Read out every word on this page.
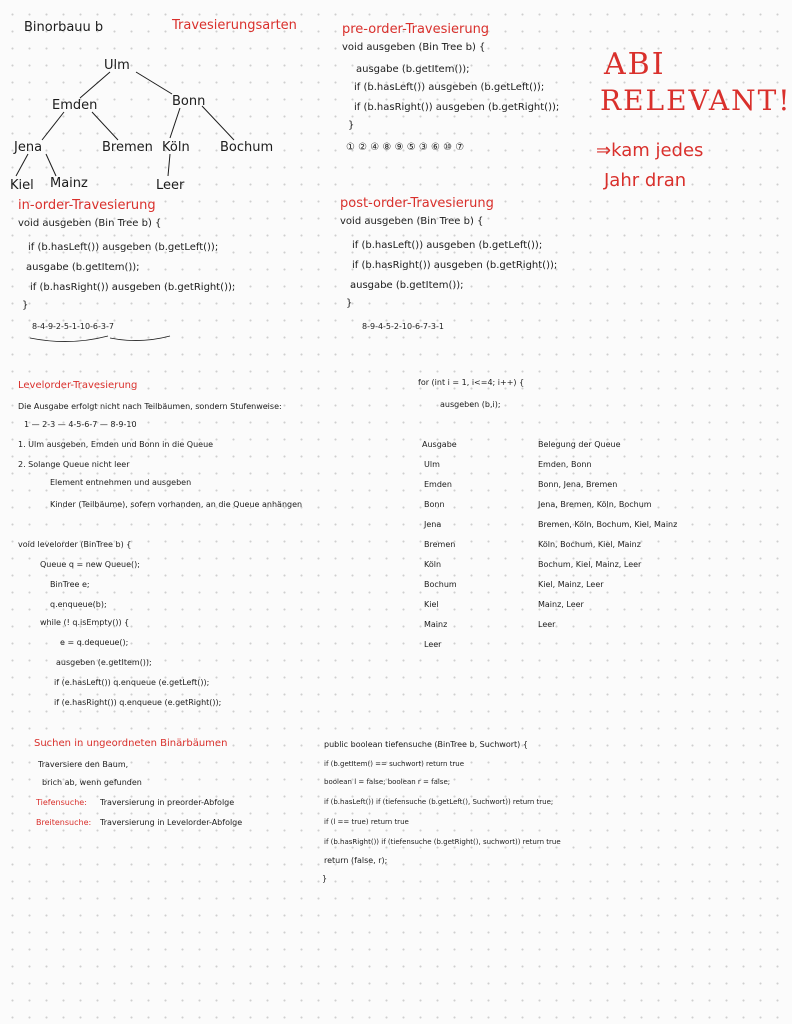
Binorbauu b	Travesierungsarten
Ulm
Emden	Bonn
Jena	Bremen Köln Bochum
Kiel Mainz	Leer
in-order-Travesierung
void ausgeben (Bin Tree b) {
if (b.hasLeft()) ausgeben (b.getLeft());
ausgabe (b.getItem());
if (b.hasRight()) ausgeben (b.getRight());
}
8-4-9-2-5-1-10-6-3-7
pre-order-Travesierung
void ausgeben (Bin Tree b) {
ausgabe (b.getItem());
if (b.hasLeft()) ausgeben (b.getLeft());
if (b.hasRight()) ausgeben (b.getRight());
}
① ② ④ ⑧ ⑨ ⑤ ③ ⑥ ⑩ ⑦
post-order-Travesierung
void ausgeben (Bin Tree b) {
if (b.hasLeft()) ausgeben (b.getLeft());
if (b.hasRight()) ausgeben (b.getRight());
ausgabe (b.getItem());
}
8-9-4-5-2-10-6-7-3-1
ABI
RELEVANT!
⇒kam jedes
Jahr dran
Levelorder-Travesierung
Die Ausgabe erfolgt nicht nach Teilbäumen, sondern Stufenweise:
1 — 2-3 — 4-5-6-7 — 8-9-10
1. Ulm ausgeben, Emden und Bonn in die Queue
2. Solange Queue nicht leer
Element entnehmen und ausgeben
Kinder (Teilbäume), sofern vorhanden, an die Queue anhängen
void levelorder (BinTree b) {
Queue q = new Queue();
BinTree e;
q.enqueue(b);
while (! q.isEmpty()) {
e = q.dequeue();
ausgeben (e.getItem());
if (e.hasLeft()) q.enqueue (e.getLeft());
if (e.hasRight()) q.enqueue (e.getRight());
for (int i = 1, i<=4; i++) {
ausgeben (b,i);
Ausgabe	Belegung der Queue
Ulm	Emden, Bonn
Emden	Bonn, Jena, Bremen
Bonn	Jena, Bremen, Köln, Bochum
Jena	Bremen, Köln, Bochum, Kiel, Mainz
Bremen	Köln, Bochum, Kiel, Mainz
Köln	Bochum, Kiel, Mainz, Leer
Bochum	Kiel, Mainz, Leer
Kiel	Mainz, Leer
Mainz	Leer
Leer
Suchen in ungeordneten Binärbäumen
Traversiere den Baum,
brich ab, wenn gefunden
Tiefensuche: Traversierung in preorder-Abfolge
Breitensuche: Traversierung in Levelorder-Abfolge
public boolean tiefensuche (BinTree b, Suchwort) {
if (b.getItem() == suchwort) return true
boolean l = false; boolean r = false;
if (b.hasLeft()) if (tiefensuche (b.getLeft(), Suchwort)) return true;
if (l == true) return true
if (b.hasRight()) if (tiefensuche (b.getRight(), suchwort)) return true
return (false, r);
}
